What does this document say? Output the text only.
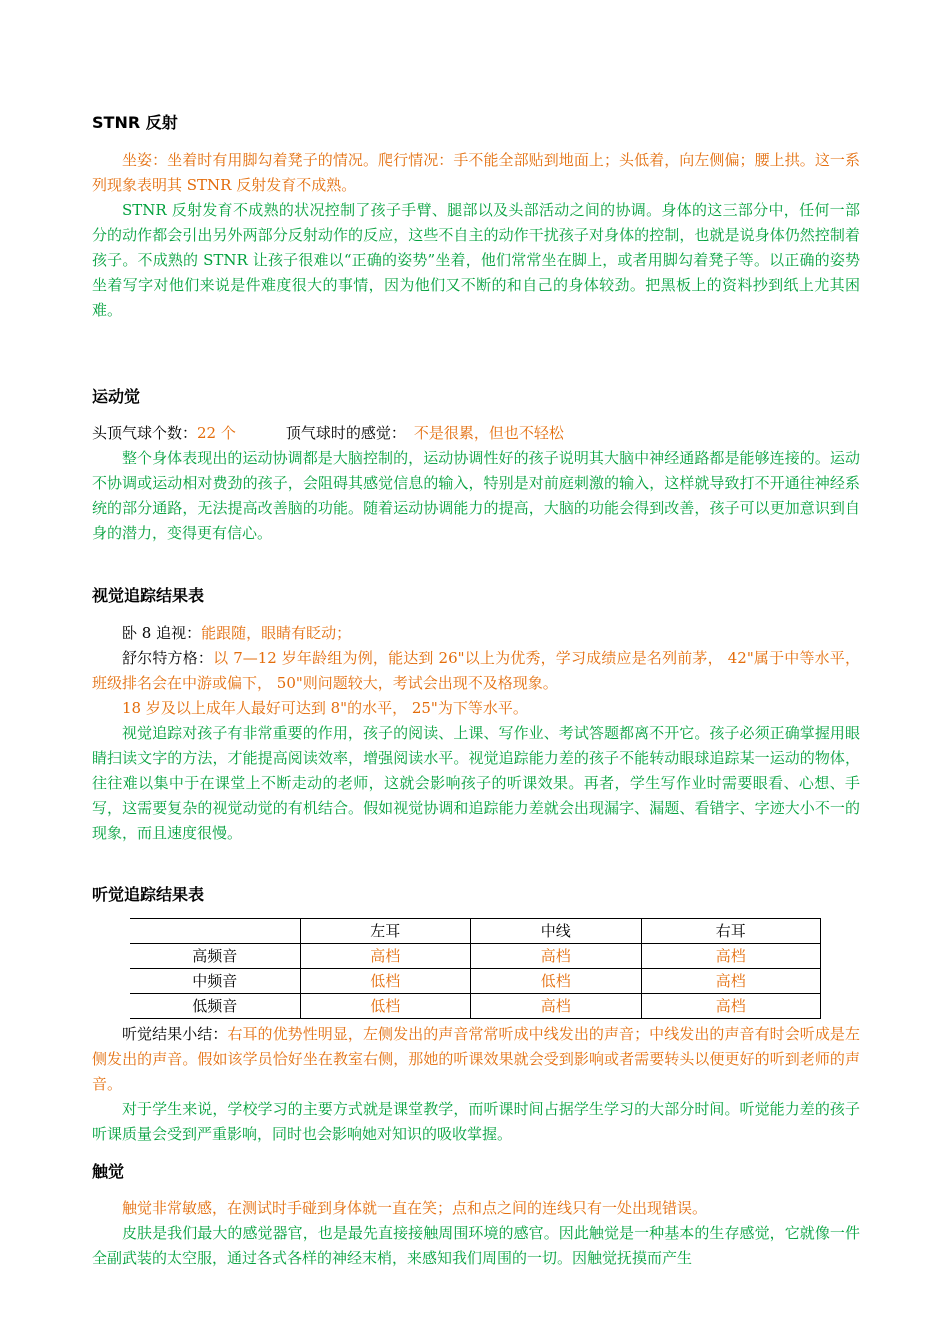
STNR 反射

坐姿：坐着时有用脚勾着凳子的情况。爬行情况：手不能全部贴到地面上；头低着，向左侧偏；腰上拱。这一系列现象表明其 STNR 反射发育不成熟。

STNR 反射发育不成熟的状况控制了孩子手臂、腿部以及头部活动之间的协调。身体的这三部分中，任何一部分的动作都会引出另外两部分反射动作的反应，这些不自主的动作干扰孩子对身体的控制，也就是说身体仍然控制着孩子。不成熟的 STNR 让孩子很难以“正确的姿势”坐着，他们常常坐在脚上，或者用脚勾着凳子等。以正确的姿势坐着写字对他们来说是件难度很大的事情，因为他们又不断的和自己的身体较劲。把黑板上的资料抄到纸上尤其困难。

运动觉
头顶气球个数：22 个	顶气球时的感觉： 不是很累，但也不轻松

整个身体表现出的运动协调都是大脑控制的，运动协调性好的孩子说明其大脑中神经通路都是能够连接的。运动不协调或运动相对费劲的孩子，会阻碍其感觉信息的输入，特别是对前庭刺激的输入，这样就导致打不开通往神经系统的部分通路，无法提高改善脑的功能。随着运动协调能力的提高，大脑的功能会得到改善，孩子可以更加意识到自身的潜力，变得更有信心。

视觉追踪结果表
卧 8 追视：能跟随，眼睛有眨动；

舒尔特方格：以 7—12 岁年龄组为例，能达到 26"以上为优秀，学习成绩应是名列前茅， 42"属于中等水平，班级排名会在中游或偏下， 50"则问题较大，考试会出现不及格现象。

18 岁及以上成年人最好可达到 8"的水平， 25"为下等水平。

视觉追踪对孩子有非常重要的作用，孩子的阅读、上课、写作业、考试答题都离不开它。孩子必须正确掌握用眼睛扫读文字的方法，才能提高阅读效率，增强阅读水平。视觉追踪能力差的孩子不能转动眼球追踪某一运动的物体，往往难以集中于在课堂上不断走动的老师，这就会影响孩子的听课效果。再者，学生写作业时需要眼看、心想、手写，这需要复杂的视觉动觉的有机结合。假如视觉协调和追踪能力差就会出现漏字、漏题、看错字、字迹大小不一的现象，而且速度很慢。

听觉追踪结果表
	左耳	中线	右耳
高频音	高档	高档	高档
中频音	低档	低档	高档
低频音	低档	高档	高档

听觉结果小结：右耳的优势性明显，左侧发出的声音常常听成中线发出的声音；中线发出的声音有时会听成是左侧发出的声音。假如该学员恰好坐在教室右侧，那她的听课效果就会受到影响或者需要转头以便更好的听到老师的声音。

对于学生来说，学校学习的主要方式就是课堂教学，而听课时间占据学生学习的大部分时间。听觉能力差的孩子听课质量会受到严重影响，同时也会影响她对知识的吸收掌握。

触觉

触觉非常敏感，在测试时手碰到身体就一直在笑；点和点之间的连线只有一处出现错误。

皮肤是我们最大的感觉器官，也是最先直接接触周围环境的感官。因此触觉是一种基本的生存感觉，它就像一件全副武装的太空服，通过各式各样的神经末梢，来感知我们周围的一切。因触觉抚摸而产生
